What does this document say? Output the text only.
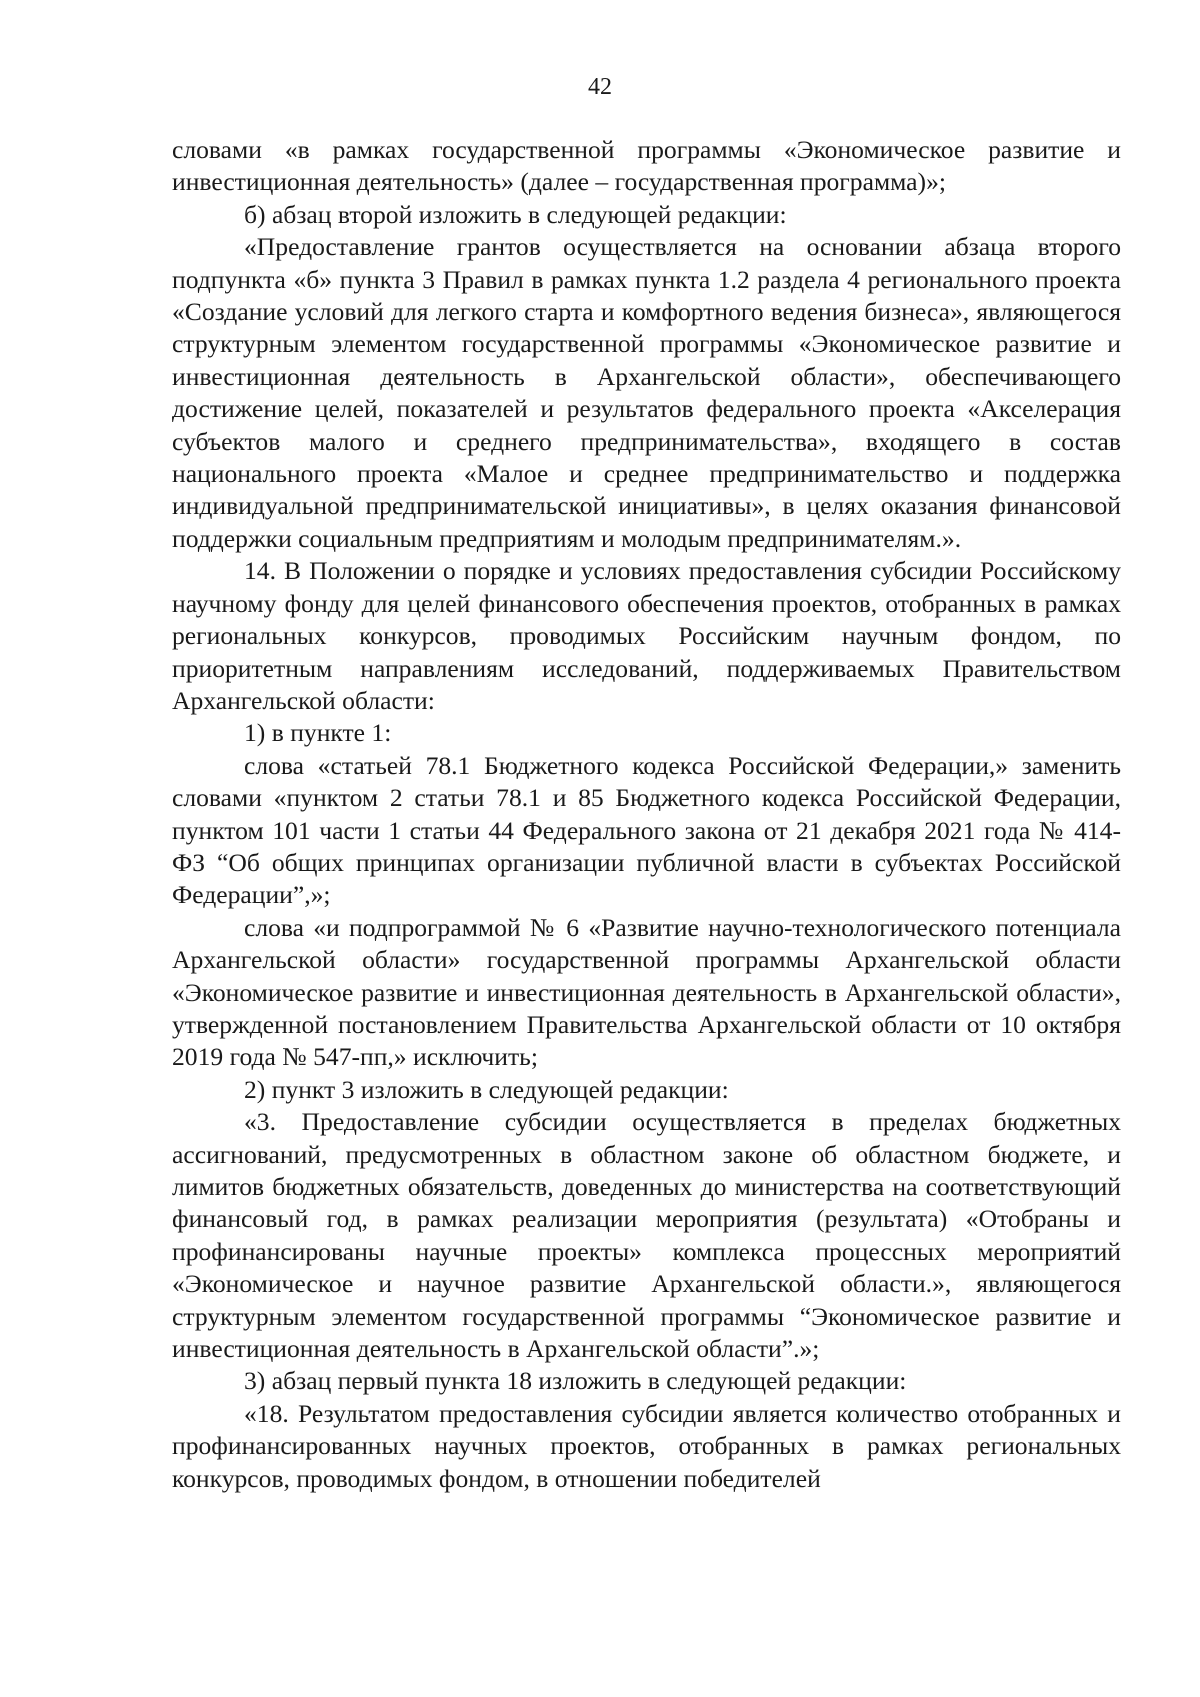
42

словами «в рамках государственной программы «Экономическое развитие и инвестиционная деятельность» (далее – государственная программа)»;

б) абзац второй изложить в следующей редакции:

«Предоставление грантов осуществляется на основании абзаца второго подпункта «б» пункта 3 Правил в рамках пункта 1.2 раздела 4 регионального проекта «Создание условий для легкого старта и комфортного ведения бизнеса», являющегося структурным элементом государственной программы «Экономическое развитие и инвестиционная деятельность в Архангельской области», обеспечивающего достижение целей, показателей и результатов федерального проекта «Акселерация субъектов малого и среднего предпринимательства», входящего в состав национального проекта «Малое и среднее предпринимательство и поддержка индивидуальной предпринимательской инициативы», в целях оказания финансовой поддержки социальным предприятиям и молодым предпринимателям.».

14. В Положении о порядке и условиях предоставления субсидии Российскому научному фонду для целей финансового обеспечения проектов, отобранных в рамках региональных конкурсов, проводимых Российским научным фондом, по приоритетным направлениям исследований, поддерживаемых Правительством Архангельской области:

1) в пункте 1:

слова «статьей 78.1 Бюджетного кодекса Российской Федерации,» заменить словами «пунктом 2 статьи 78.1 и 85 Бюджетного кодекса Российской Федерации, пунктом 101 части 1 статьи 44 Федерального закона от 21 декабря 2021 года № 414-ФЗ “Об общих принципах организации публичной власти в субъектах Российской Федерации”,»;

слова «и подпрограммой № 6 «Развитие научно-технологического потенциала Архангельской области» государственной программы Архангельской области «Экономическое развитие и инвестиционная деятельность в Архангельской области», утвержденной постановлением Правительства Архангельской области от 10 октября 2019 года № 547-пп,» исключить;

2) пункт 3 изложить в следующей редакции:

«3. Предоставление субсидии осуществляется в пределах бюджетных ассигнований, предусмотренных в областном законе об областном бюджете, и лимитов бюджетных обязательств, доведенных до министерства на соответствующий финансовый год, в рамках реализации мероприятия (результата) «Отобраны и профинансированы научные проекты» комплекса процессных мероприятий «Экономическое и научное развитие Архангельской области.», являющегося структурным элементом государственной программы “Экономическое развитие и инвестиционная деятельность в Архангельской области”.»;

3) абзац первый пункта 18 изложить в следующей редакции:

«18. Результатом предоставления субсидии является количество отобранных и профинансированных научных проектов, отобранных в рамках региональных конкурсов, проводимых фондом, в отношении победителей
